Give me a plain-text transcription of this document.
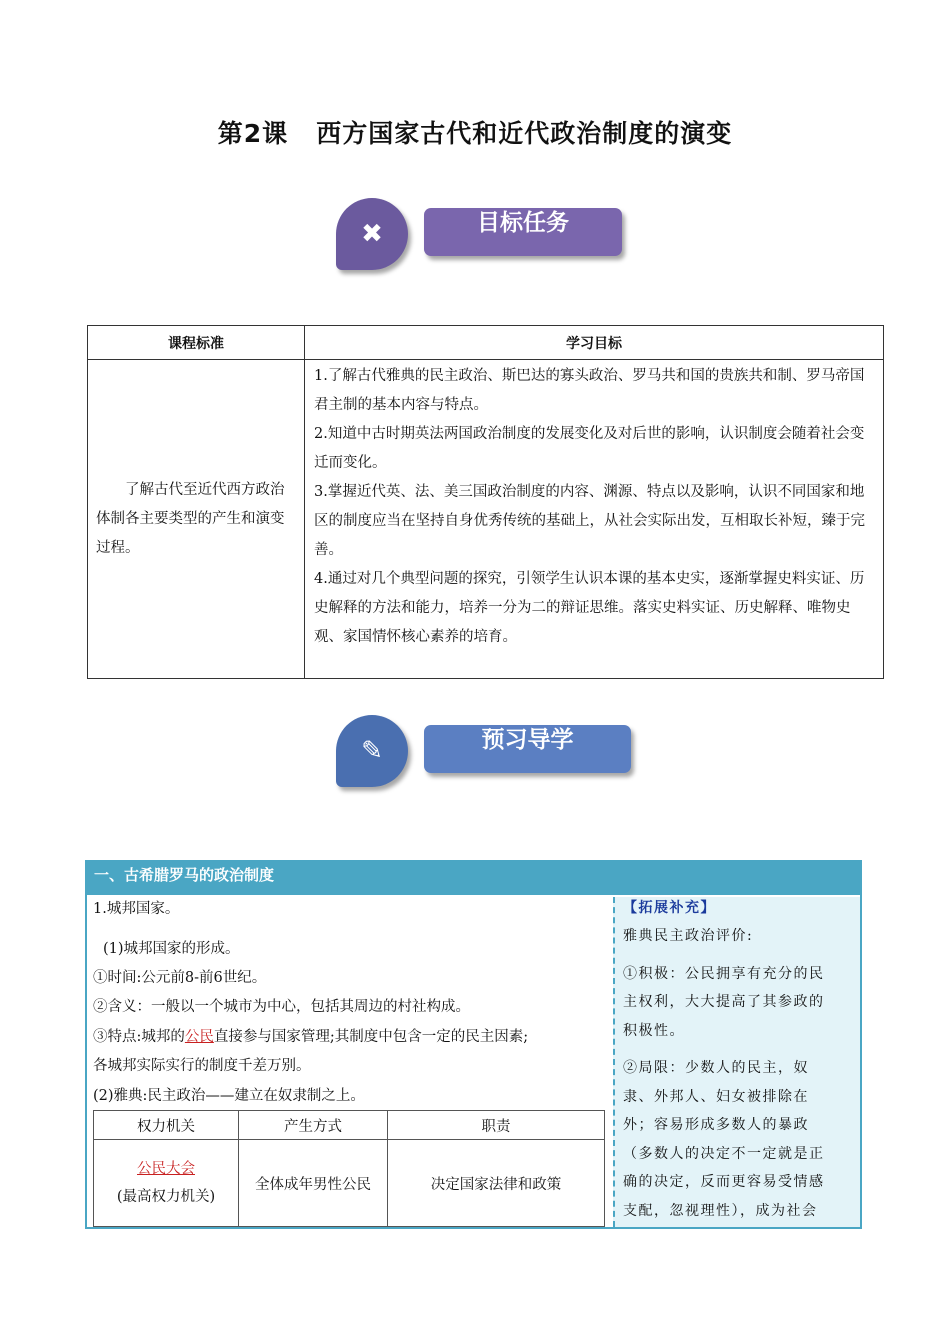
第2课 西方国家古代和近代政治制度的演变
✖	目标任务
课程标准	学习目标

了解古代至近代西方政治体制各主要类型的产生和演变过程。	1.了解古代雅典的民主政治、斯巴达的寡头政治、罗马共和国的贵族共和制、罗马帝国君主制的基本内容与特点。
2.知道中古时期英法两国政治制度的发展变化及对后世的影响，认识制度会随着社会变迁而变化。
3.掌握近代英、法、美三国政治制度的内容、渊源、特点以及影响，认识不同国家和地区的制度应当在坚持自身优秀传统的基础上，从社会实际出发，互相取长补短，臻于完善。
4.通过对几个典型问题的探究，引领学生认识本课的基本史实，逐渐掌握史料实证、历史解释的方法和能力，培养一分为二的辩证思维。落实史料实证、历史解释、唯物史观、家国情怀核心素养的培育。
✎	预习导学
一、古希腊罗马的政治制度
1.城邦国家。
(1)城邦国家的形成。
①时间:公元前8-前6世纪。
②含义：一般以一个城市为中心，包括其周边的村社构成。
③特点:城邦的公民直接参与国家管理;其制度中包含一定的民主因素;
各城邦实际实行的制度千差万别。
(2)雅典:民主政治——建立在奴隶制之上。
权力机关	产生方式	职责

公民大会
(最高权力机关)	全体成年男性公民	决定国家法律和政策
【拓展补充】
雅典民主政治评价:
①积极：公民拥享有充分的民
主权利，大大提高了其参政的
积极性。
②局限：少数人的民主，奴
隶、外邦人、妇女被排除在
外；容易形成多数人的暴政
（多数人的决定不一定就是正
确的决定，反而更容易受情感
支配，忽视理性），成为社会
